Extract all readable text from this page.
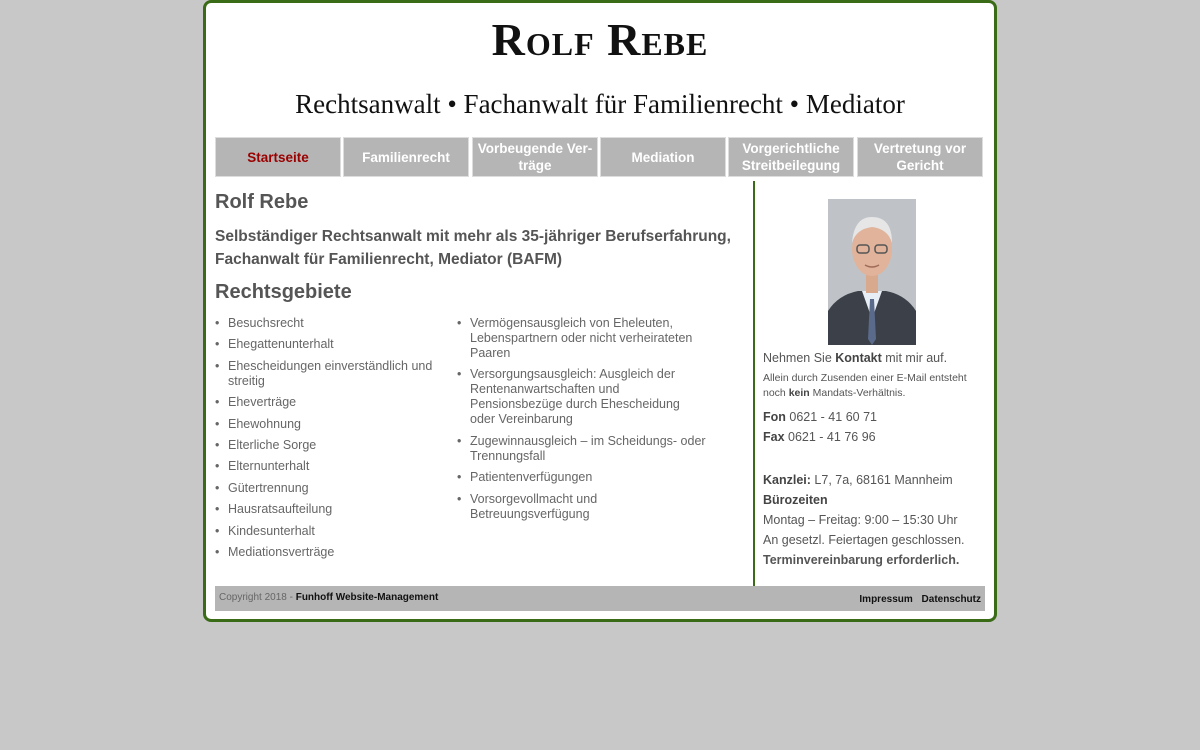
Rolf Rebe
Rechtsanwalt • Fachanwalt für Familienrecht • Mediator
Startseite	Familienrecht
Vorbeugende Ver-träge
Mediation
Vorgerichtliche Streitbeilegung
Vertretung vor Gericht
Rolf Rebe
Selbständiger Rechtsanwalt mit mehr als 35-jähriger Berufserfahrung, Fachanwalt für Familienrecht, Mediator (BAFM)
Rechtsgebiete
• Besuchsrecht
• Ehegattenunterhalt
• Ehescheidungen einverständlich und streitig
• Eheverträge
• Ehewohnung
• Elterliche Sorge
• Elternunterhalt
• Gütertrennung
• Hausratsaufteilung
• Kindesunterhalt
• Mediationsverträge
• Vermögensausgleich von Eheleuten, Lebenspartnern oder nicht verheirateten Paaren
• Versorgungsausgleich: Ausgleich der Rentenanwartschaften und Pensionsbezüge durch Ehescheidung oder Vereinbarung
• Zugewinnausgleich – im Scheidungs- oder Trennungsfall
• Patientenverfügungen
• Vorsorgevollmacht und Betreuungsverfügung
Nehmen Sie Kontakt mit mir auf.
Allein durch Zusenden einer E-Mail entsteht noch kein Mandats-Verhältnis.
Fon 0621 - 41 60 71
Fax 0621 - 41 76 96
Kanzlei: L7, 7a, 68161 Mannheim
Bürozeiten
Montag – Freitag: 9:00 – 15:30 Uhr
An gesetzl. Feiertagen geschlossen.
Terminvereinbarung erforderlich.
Copyright 2018 - Funhoff Website-Management	Impressum Datenschutz
